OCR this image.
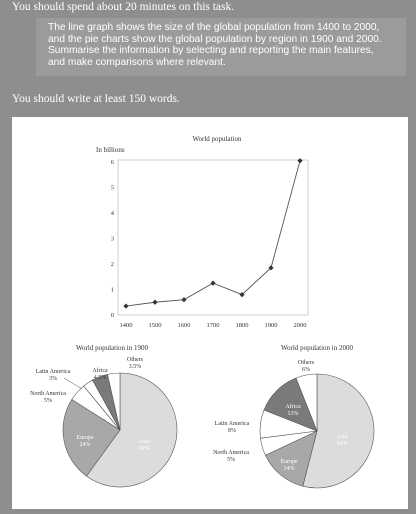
You should spend about 20 minutes on this task.
The line graph shows the size of the global population from 1400 to 2000,
and the pie charts show the global population by region in 1900 and 2000.
Summarise the information by selecting and reporting the main features,
and make comparisons where relevant.
You should write at least 150 words.
World population
In billions
0
1
2
3
4
5
6
1400 1500 1600 1700 1800 1900 2000
World population in 1900
Others
3.5%
Africa
4.5%
Latin America
3%
North America
5%
Europe
24%	Asia
60%
World population in 2000
Others
6%
Latin America
8%
North America
5%
Africa
13%
Europe
14%
Asia
54%
